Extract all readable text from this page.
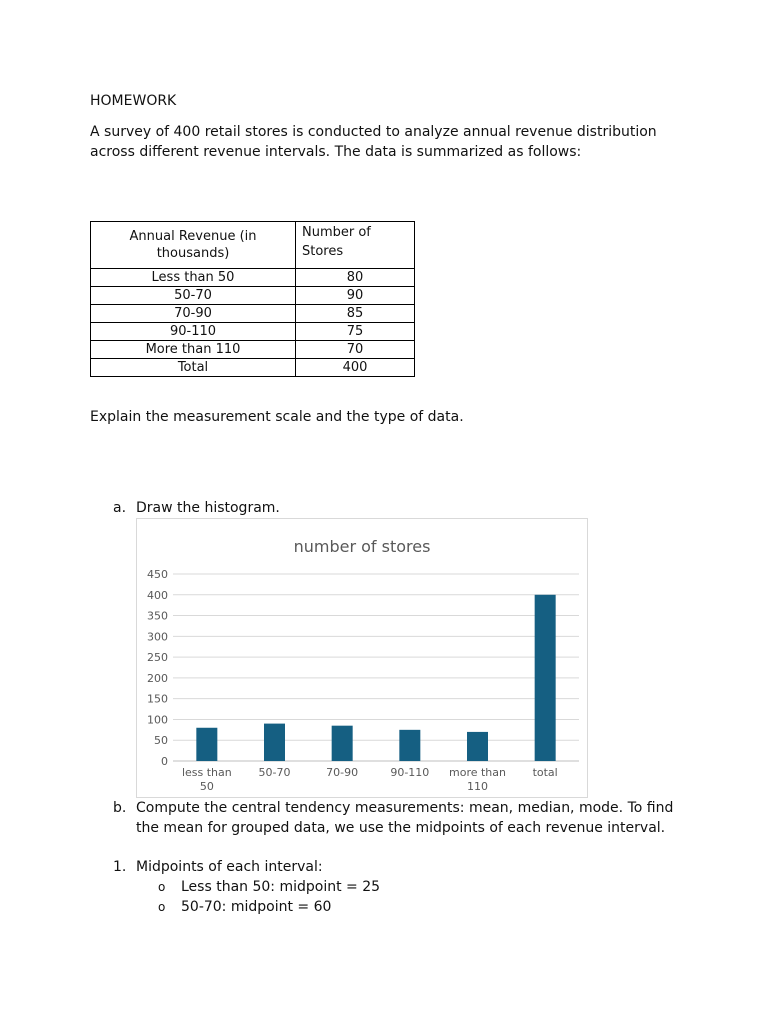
HOMEWORK
A survey of 400 retail stores is conducted to analyze annual revenue distribution across different revenue intervals. The data is summarized as follows:
Annual Revenue (in thousands)	Number of Stores
Less than 50	80
50-70	90
70-90	85
90-110	75
More than 110	70
Total	400
Explain the measurement scale and the type of data.
a. Draw the histogram.
number of stores
0
50
100
150
200
250
300
350
400
450
less than 50
50-70	70-90	90-110 more than 110
total
b. Compute the central tendency measurements: mean, median, mode. To find the mean for grouped data, we use the midpoints of each revenue interval.
1. Midpoints of each interval:
o Less than 50: midpoint = 25
o 50-70: midpoint = 60
